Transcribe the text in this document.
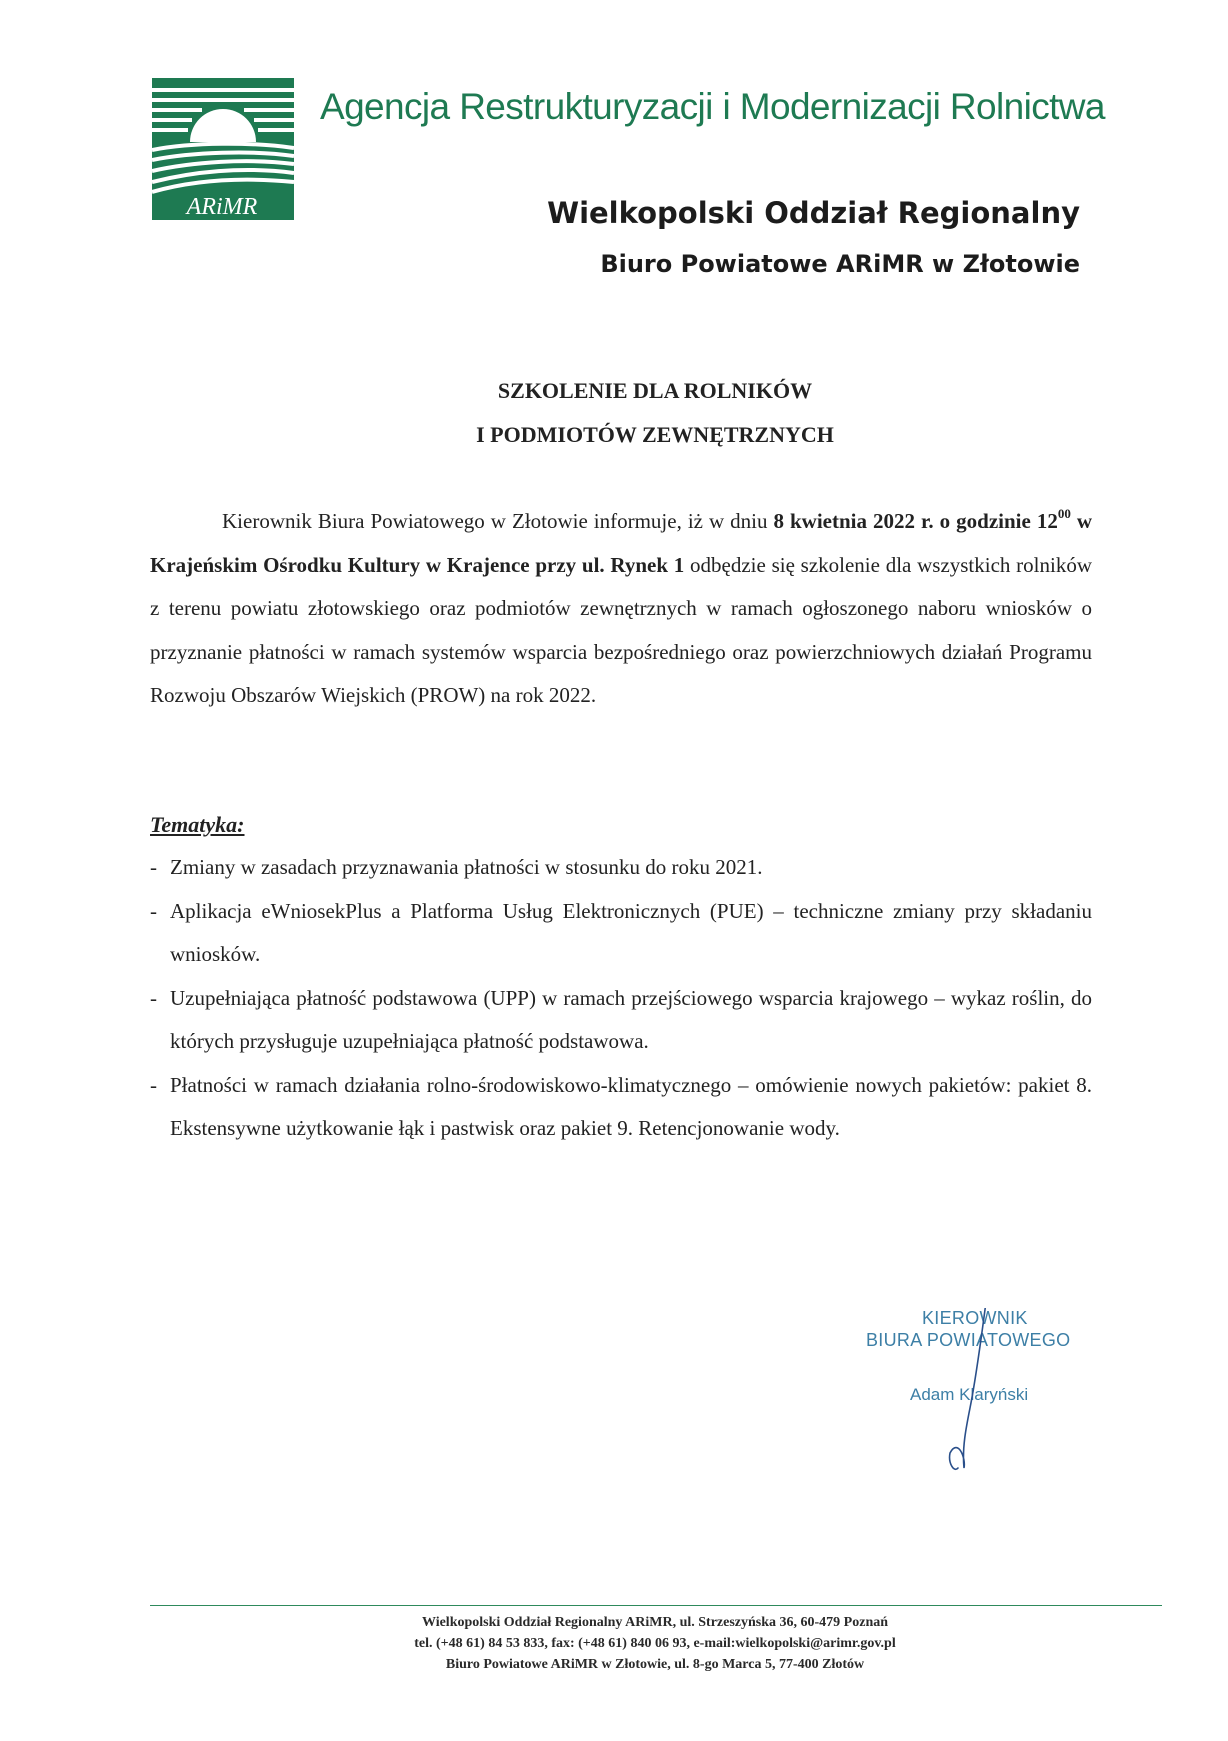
ARiMR
Agencja Restrukturyzacji i Modernizacji Rolnictwa
Wielkopolski Oddział Regionalny
Biuro Powiatowe ARiMR w Złotowie
SZKOLENIE DLA ROLNIKÓW
I PODMIOTÓW ZEWNĘTRZNYCH
Kierownik Biura Powiatowego w Złotowie informuje, iż w dniu 8 kwietnia 2022 r. o godzinie $12^{00}$ w Krajeńskim Ośrodku Kultury w Krajence przy ul. Rynek 1 odbędzie się szkolenie dla wszystkich rolników z terenu powiatu złotowskiego oraz podmiotów zewnętrznych w ramach ogłoszonego naboru wniosków o przyznanie płatności w ramach systemów wsparcia bezpośredniego oraz powierzchniowych działań Programu Rozwoju Obszarów Wiejskich (PROW) na rok 2022.
Tematyka:
- Zmiany w zasadach przyznawania płatności w stosunku do roku 2021.
- Aplikacja eWniosekPlus a Platforma Usług Elektronicznych (PUE) – techniczne zmiany przy składaniu wniosków.
- Uzupełniająca płatność podstawowa (UPP) w ramach przejściowego wsparcia krajowego – wykaz roślin, do których przysługuje uzupełniająca płatność podstawowa.
- Płatności w ramach działania rolno-środowiskowo-klimatycznego – omówienie nowych pakietów: pakiet 8. Ekstensywne użytkowanie łąk i pastwisk oraz pakiet 9. Retencjonowanie wody.
KIEROWNIK
BIURA POWIATOWEGO
Adam Klaryński
Wielkopolski Oddział Regionalny ARiMR, ul. Strzeszyńska 36, 60-479 Poznań
tel. (+48 61) 84 53 833, fax: (+48 61) 840 06 93, e-mail:wielkopolski@arimr.gov.pl
Biuro Powiatowe ARiMR w Złotowie, ul. 8-go Marca 5, 77-400 Złotów
